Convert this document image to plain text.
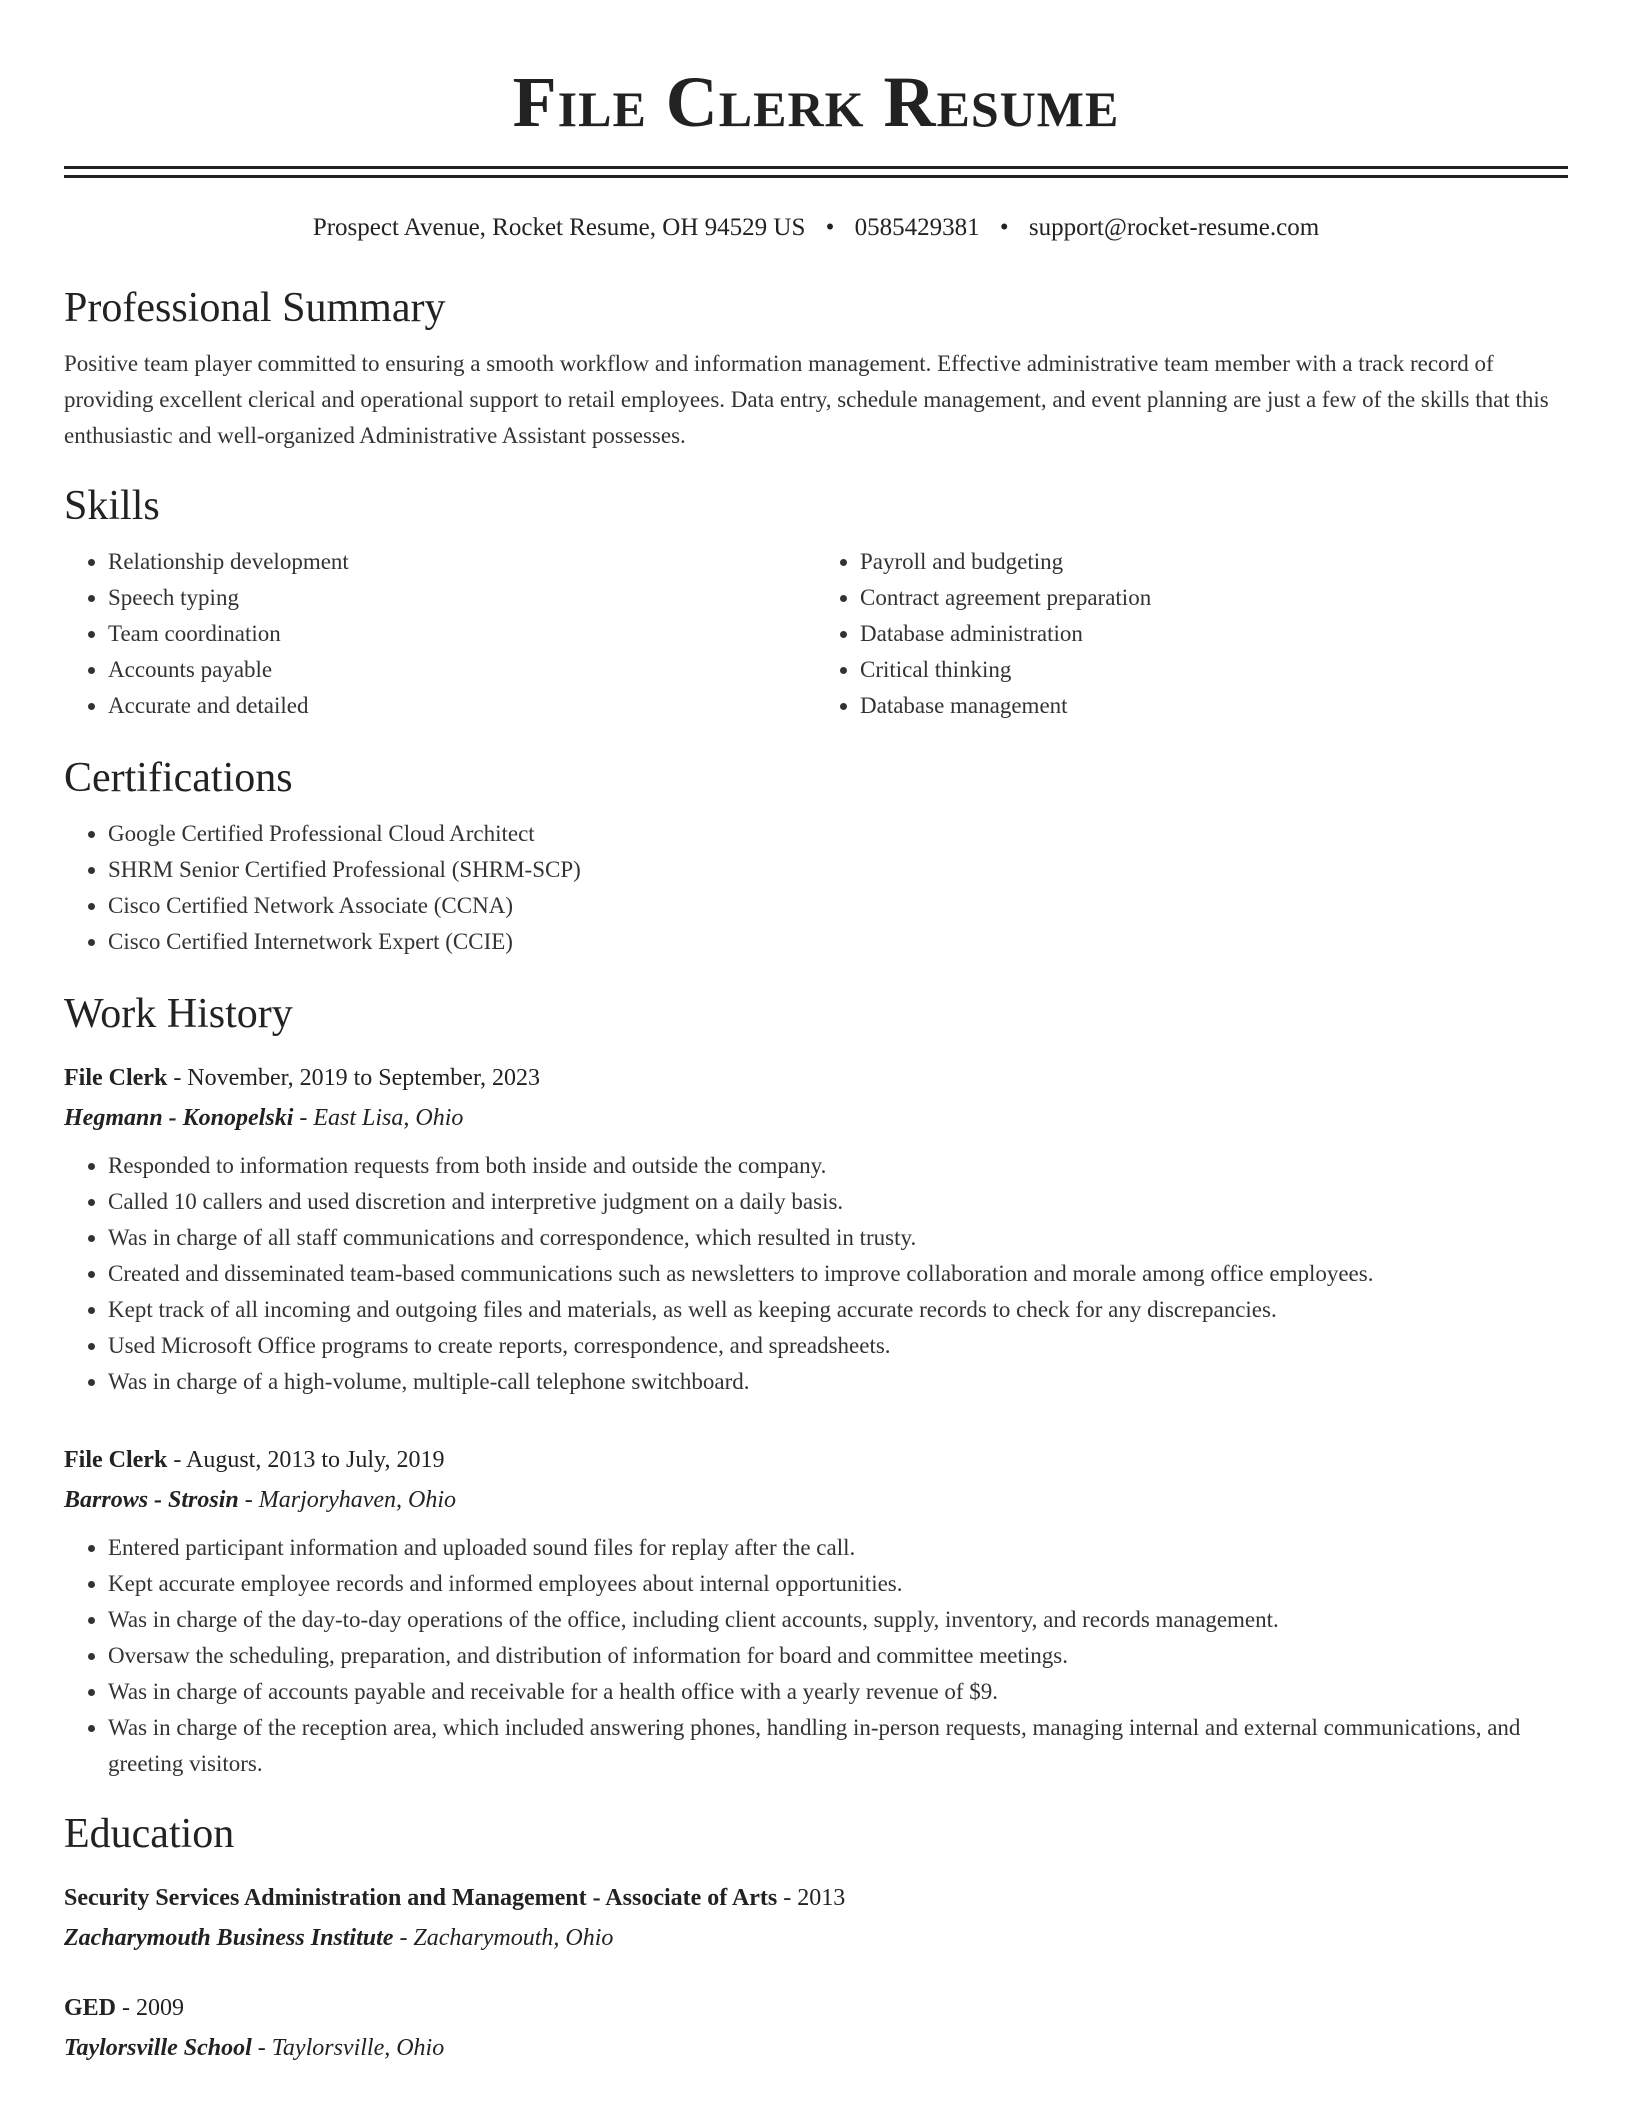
File Clerk Resume
Prospect Avenue, Rocket Resume, OH 94529 US • 0585429381 • support@rocket-resume.com
Professional Summary

Positive team player committed to ensuring a smooth workflow and information management. Effective administrative team member with a track record of providing excellent clerical and operational support to retail employees. Data entry, schedule management, and event planning are just a few of the skills that this enthusiastic and well-organized Administrative Assistant possesses.

Skills
• Relationship development
• Speech typing
• Team coordination
• Accounts payable
• Accurate and detailed
• Payroll and budgeting
• Contract agreement preparation
• Database administration
• Critical thinking
• Database management
Certifications
• Google Certified Professional Cloud Architect
• SHRM Senior Certified Professional (SHRM-SCP)
• Cisco Certified Network Associate (CCNA)
• Cisco Certified Internetwork Expert (CCIE)
Work History
File Clerk - November, 2019 to September, 2023
Hegmann - Konopelski - East Lisa, Ohio
• Responded to information requests from both inside and outside the company.
• Called 10 callers and used discretion and interpretive judgment on a daily basis.
• Was in charge of all staff communications and correspondence, which resulted in trusty.
• Created and disseminated team-based communications such as newsletters to improve collaboration and morale among office employees.
• Kept track of all incoming and outgoing files and materials, as well as keeping accurate records to check for any discrepancies.
• Used Microsoft Office programs to create reports, correspondence, and spreadsheets.
• Was in charge of a high-volume, multiple-call telephone switchboard.
File Clerk - August, 2013 to July, 2019
Barrows - Strosin - Marjoryhaven, Ohio
• Entered participant information and uploaded sound files for replay after the call.
• Kept accurate employee records and informed employees about internal opportunities.
• Was in charge of the day-to-day operations of the office, including client accounts, supply, inventory, and records management.
• Oversaw the scheduling, preparation, and distribution of information for board and committee meetings.
• Was in charge of accounts payable and receivable for a health office with a yearly revenue of $9.
• Was in charge of the reception area, which included answering phones, handling in-person requests, managing internal and external communications, and greeting visitors.
Education
Security Services Administration and Management - Associate of Arts - 2013
Zacharymouth Business Institute - Zacharymouth, Ohio
GED - 2009
Taylorsville School - Taylorsville, Ohio
